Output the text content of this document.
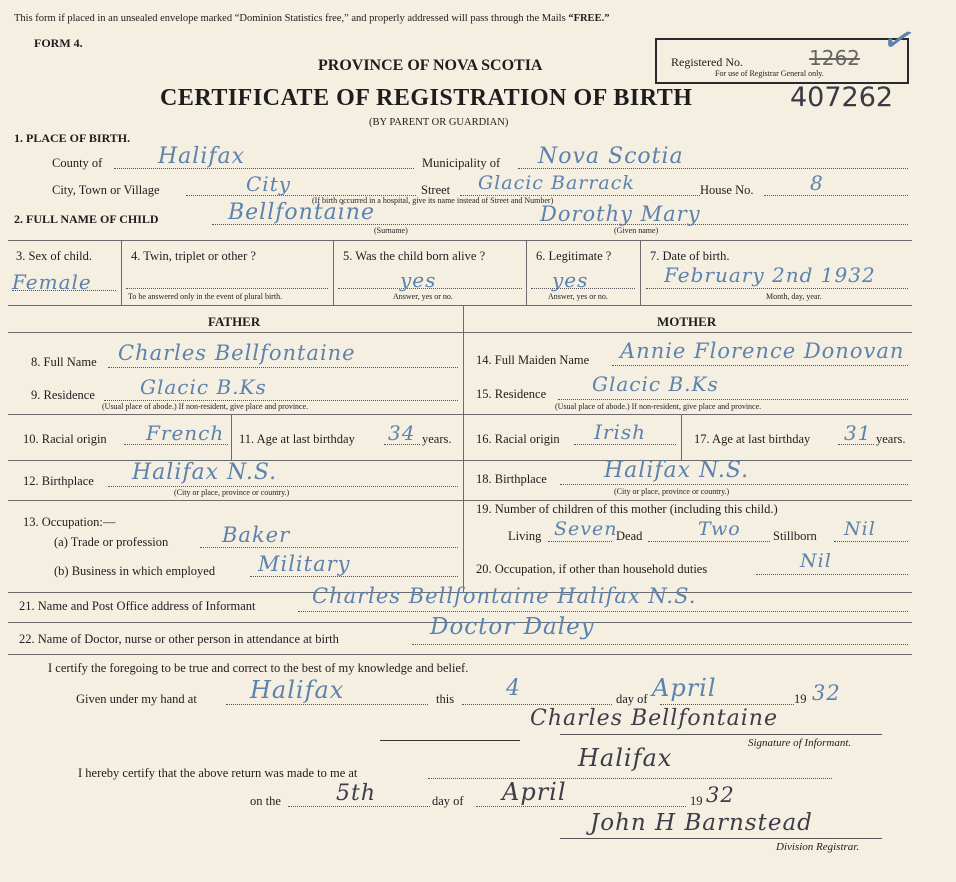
This form if placed in an unsealed envelope marked “Dominion Statistics free,” and properly addressed will pass through the Mails “FREE.”
FORM 4.
Registered No.	1262
For use of Registrar General only.
✓
PROVINCE OF NOVA SCOTIA
CERTIFICATE OF REGISTRATION OF BIRTH	407262
(BY PARENT OR GUARDIAN)
1. PLACE OF BIRTH.
County of	Halifax	Municipality of Nova Scotia
City, Town or Village	City	Street Glacic Barrack	House No.	8
(If birth occurred in a hospital, give its name instead of Street and Number)
2. FULL NAME OF CHILD	Bellfontaine	Dorothy Mary
(Surname)	(Given name)
3. Sex of child.
Female
4. Twin, triplet or other ?
To be answered only in the event of plural birth.
5. Was the child born alive ?
yes
Answer, yes or no.
6. Legitimate ?
yes
Answer, yes or no.
7. Date of birth.
February 2nd 1932
Month, day, year.
FATHER	MOTHER
8. Full Name Charles Bellfontaine
9. Residence Glacic B.Ks
(Usual place of abode.) If non-resident, give place and province.
10. Racial origin French 11. Age at last birthday 34 years.
12. Birthplace Halifax N.S.
(City or place, province or country.)
13. Occupation:—
(a) Trade or profession	Baker
(b) Business in which employed Military
14. Full Maiden Name Annie Florence Donovan
15. Residence Glacic B.Ks
(Usual place of abode.) If non-resident, give place and province.
16. Racial origin Irish	17. Age at last birthday 31 years.
18. Birthplace	Halifax N.S.
(City or place, province or country.)
19. Number of children of this mother (including this child.)
Living Seven
Dead	Two	Stillborn Nil
20. Occupation, if other than household duties	Nil
21. Name and Post Office address of Informant	Charles Bellfontaine Halifax N.S.
22. Name of Doctor, nurse or other person in attendance at birth	Doctor Daley
I certify the foregoing to be true and correct to the best of my knowledge and belief.
Given under my hand at Halifax	this 4	day of April	19 32
Charles Bellfontaine
Signature of Informant.
I hereby certify that the above return was made to me at
Halifax
on the	5th	day of April	19 32
John H Barnstead
Division Registrar.
